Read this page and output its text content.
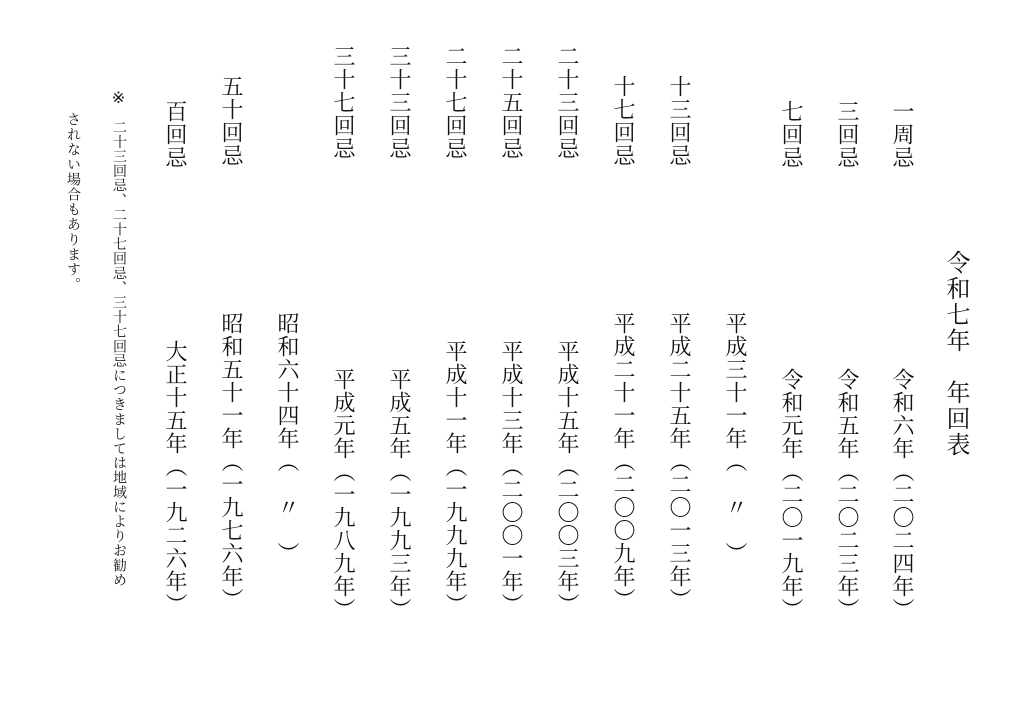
令和七年　年回表
一周忌
三回忌
七回忌
十三回忌
十七回忌
二十三回忌
二十五回忌
二十七回忌
三十三回忌
三十七回忌
五十回忌
百回忌
令和六年（二〇二四年）
令和五年（二〇二三年）
令和元年（二〇一九年）
平成三十一年（　〃　）
平成二十五年（二〇一三年）
平成二十一年（二〇〇九年）
平成十五年（二〇〇三年）
平成十三年（二〇〇一年）
平成十一年（一九九九年）
平成五年（一九九三年）
平成元年（一九八九年）
昭和六十四年（　〃　）
昭和五十一年（一九七六年）
大正十五年（一九二六年）
※
二十三回忌、二十七回忌、三十七回忌につきましては地域によりお勧め
されない場合もあります。
